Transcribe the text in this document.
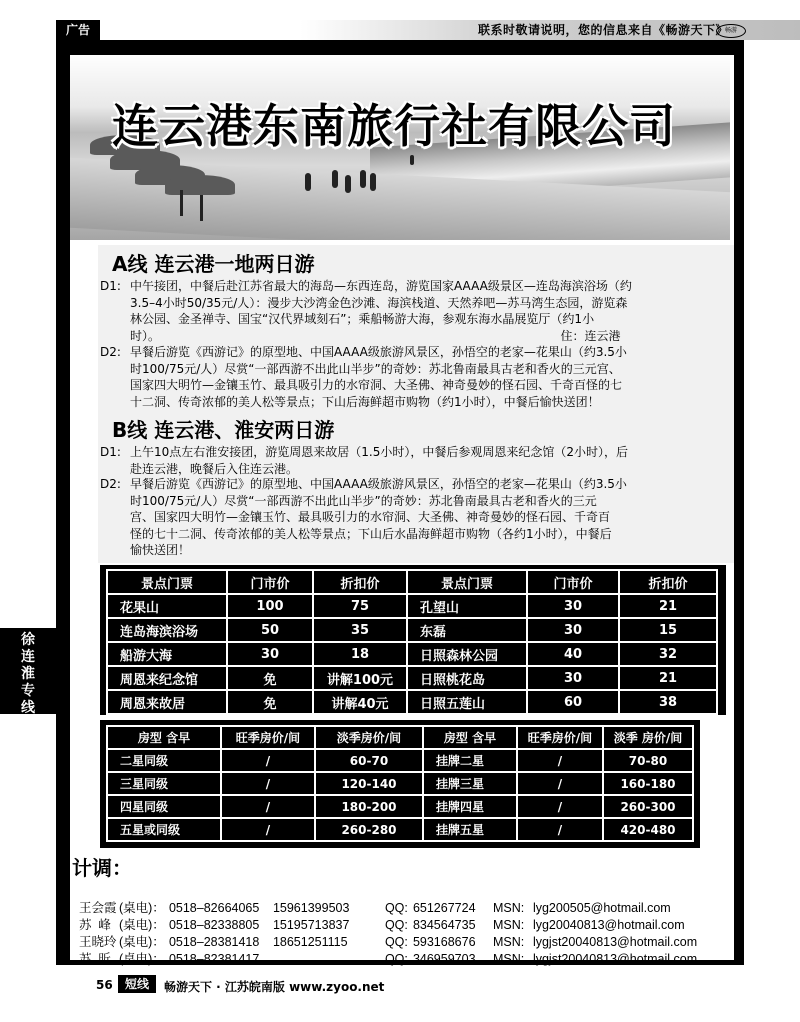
广告	联系时敬请说明，您的信息来自《畅游天下》
畅游
连云港东南旅行社有限公司
A线 连云港一地两日游
D1: 中午接团，中餐后赴江苏省最大的海岛—东西连岛，游览国家AAAA级景区—连岛海滨浴场（约
3.5–4小时50/35元/人）：漫步大沙湾金色沙滩、海滨栈道、天然养吧—苏马湾生态园，游览森
林公园、金圣禅寺、国宝“汉代界域刻石”；乘船畅游大海，参观东海水晶展览厅（约1小
时）。                                                                                                         住：连云港
D2: 早餐后游览《西游记》的原型地、中国AAAA级旅游风景区，孙悟空的老家—花果山（约3.5小
时100/75元/人）尽赏“一部西游不出此山半步”的奇妙：苏北鲁南最具古老和香火的三元宫、
国家四大明竹—金镶玉竹、最具吸引力的水帘洞、大圣佛、神奇曼妙的怪石园、千奇百怪的七
十二洞、传奇浓郁的美人松等景点；下山后海鲜超市购物（约1小时），中餐后愉快送团！
B线 连云港、淮安两日游
D1: 上午10点左右淮安接团，游览周恩来故居（1.5小时），中餐后参观周恩来纪念馆（2小时），后
赴连云港，晚餐后入住连云港。
D2: 早餐后游览《西游记》的原型地、中国AAAA级旅游风景区，孙悟空的老家—花果山（约3.5小
时100/75元/人）尽赏“一部西游不出此山半步”的奇妙：苏北鲁南最具古老和香火的三元
宫、国家四大明竹—金镶玉竹、最具吸引力的水帘洞、大圣佛、神奇曼妙的怪石园、千奇百
怪的七十二洞、传奇浓郁的美人松等景点；下山后水晶海鲜超市购物（各约1小时），中餐后
愉快送团！
景点门票	门市价	折扣价	景点门票	门市价	折扣价
花果山	100	75	孔望山	30	21
连岛海滨浴场	50	35	东磊	30	15
船游大海	30	18	日照森林公园	40	32
周恩来纪念馆	免	讲解100元	日照桃花岛	30	21
周恩来故居	免	讲解40元	日照五莲山	60	38
房型 含早	旺季房价/间	淡季房价/间	房型 含早	旺季房价/间	淡季 房价/间
二星同级	/	60-70	挂牌二星	/	70-80
三星同级	/	120-140	挂牌三星	/	160-180
四星同级	/	180-200	挂牌四星	/	260-300
五星或同级	/	260-280	挂牌五星	/	420-480
计调：

王会霞 (桌电)： 0518–82664065 15961399503	QQ: 651267724 MSN: lyg200505@hotmail.com

苏  峰 (桌电)： 0518–82338805 15195713837	QQ: 834564735 MSN: lyg20040813@hotmail.com

王晓玲 (桌电)： 0518–28381418 18651251115	QQ: 593168676 MSN: lygjst20040813@hotmail.com

苏  昕 (桌电)： 0518–82381417	QQ: 346959703 MSN: lygjst20040813@hotmail.com

徐
连
淮
专
线
56	短线	畅游天下 · 江苏皖南版 www.zyoo.net
